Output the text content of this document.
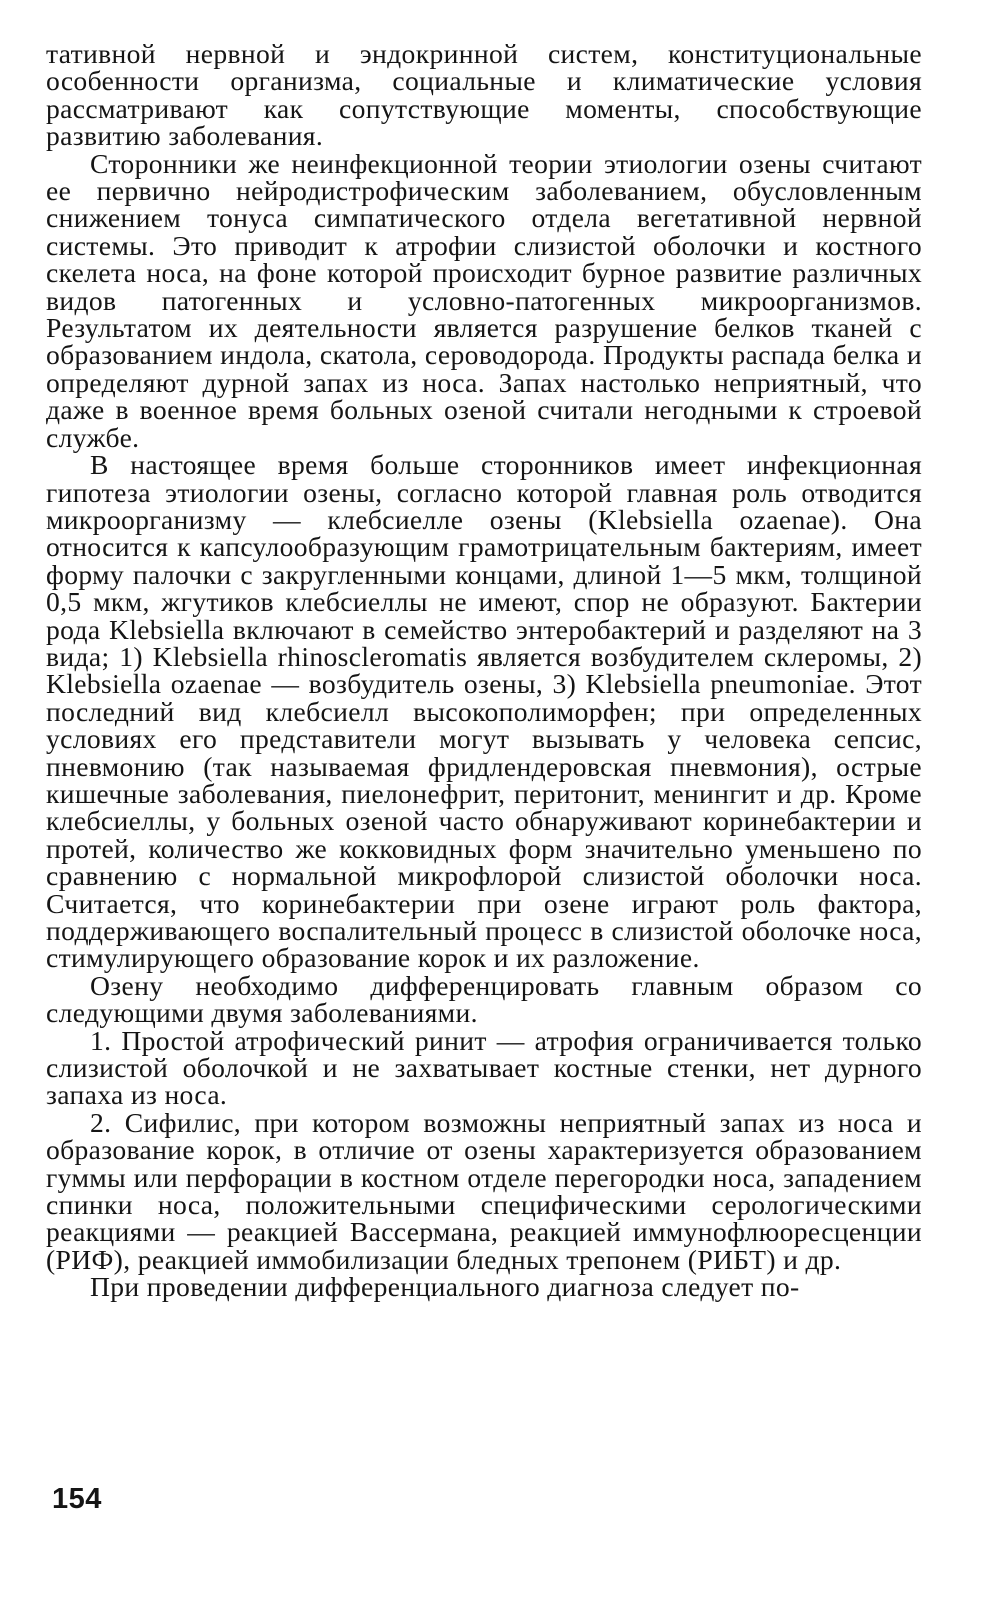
тативной нервной и эндокринной систем, конституциональные особенности организма, социальные и климатические условия рассматривают как сопутствующие моменты, способствующие развитию заболевания.

Сторонники же неинфекционной теории этиологии озены считают ее первично нейродистрофическим заболеванием, обусловленным снижением тонуса симпатического отдела вегетативной нервной системы. Это приводит к атрофии слизистой оболочки и костного скелета носа, на фоне которой происходит бурное развитие различных видов патогенных и условно-патогенных микроорганизмов. Результатом их деятельности является разрушение белков тканей с образованием индола, скатола, сероводорода. Продукты распада белка и определяют дурной запах из носа. Запах настолько неприятный, что даже в военное время больных озеной считали негодными к строевой службе.

В настоящее время больше сторонников имеет инфекционная гипотеза этиологии озены, согласно которой главная роль отводится микроорганизму — клебсиелле озены (Klebsiella ozaenae). Она относится к капсулообразующим грамотрицательным бактериям, имеет форму палочки с закругленными концами, длиной 1—5 мкм, толщиной 0,5 мкм, жгутиков клебсиеллы не имеют, спор не образуют. Бактерии рода Klebsiella включают в семейство энтеробактерий и разделяют на 3 вида; 1) Klebsiella rhinoscleromatis является возбудителем склеромы, 2) Klebsiella ozaenae — возбудитель озены, 3) Klebsiella pneumoniae. Этот последний вид клебсиелл высокополиморфен; при определенных условиях его представители могут вызывать у человека сепсис, пневмонию (так называемая фридлендеровская пневмония), острые кишечные заболевания, пиелонефрит, перитонит, менингит и др. Кроме клебсиеллы, у больных озеной часто обнаруживают коринебактерии и протей, количество же кокковидных форм значительно уменьшено по сравнению с нормальной микрофлорой слизистой оболочки носа. Считается, что коринебактерии при озене играют роль фактора, поддерживающего воспалительный процесс в слизистой оболочке носа, стимулирующего образование корок и их разложение.

Озену необходимо дифференцировать главным образом со следующими двумя заболеваниями.

1. Простой атрофический ринит — атрофия ограничивается только слизистой оболочкой и не захватывает костные стенки, нет дурного запаха из носа.

2. Сифилис, при котором возможны неприятный запах из носа и образование корок, в отличие от озены характеризуется образованием гуммы или перфорации в костном отделе перегородки носа, западением спинки носа, положительными специфическими серологическими реакциями — реакцией Вассермана, реакцией иммунофлюоресценции (РИФ), реакцией иммобилизации бледных трепонем (РИБТ) и др.

При проведении дифференциального диагноза следует по-

154
